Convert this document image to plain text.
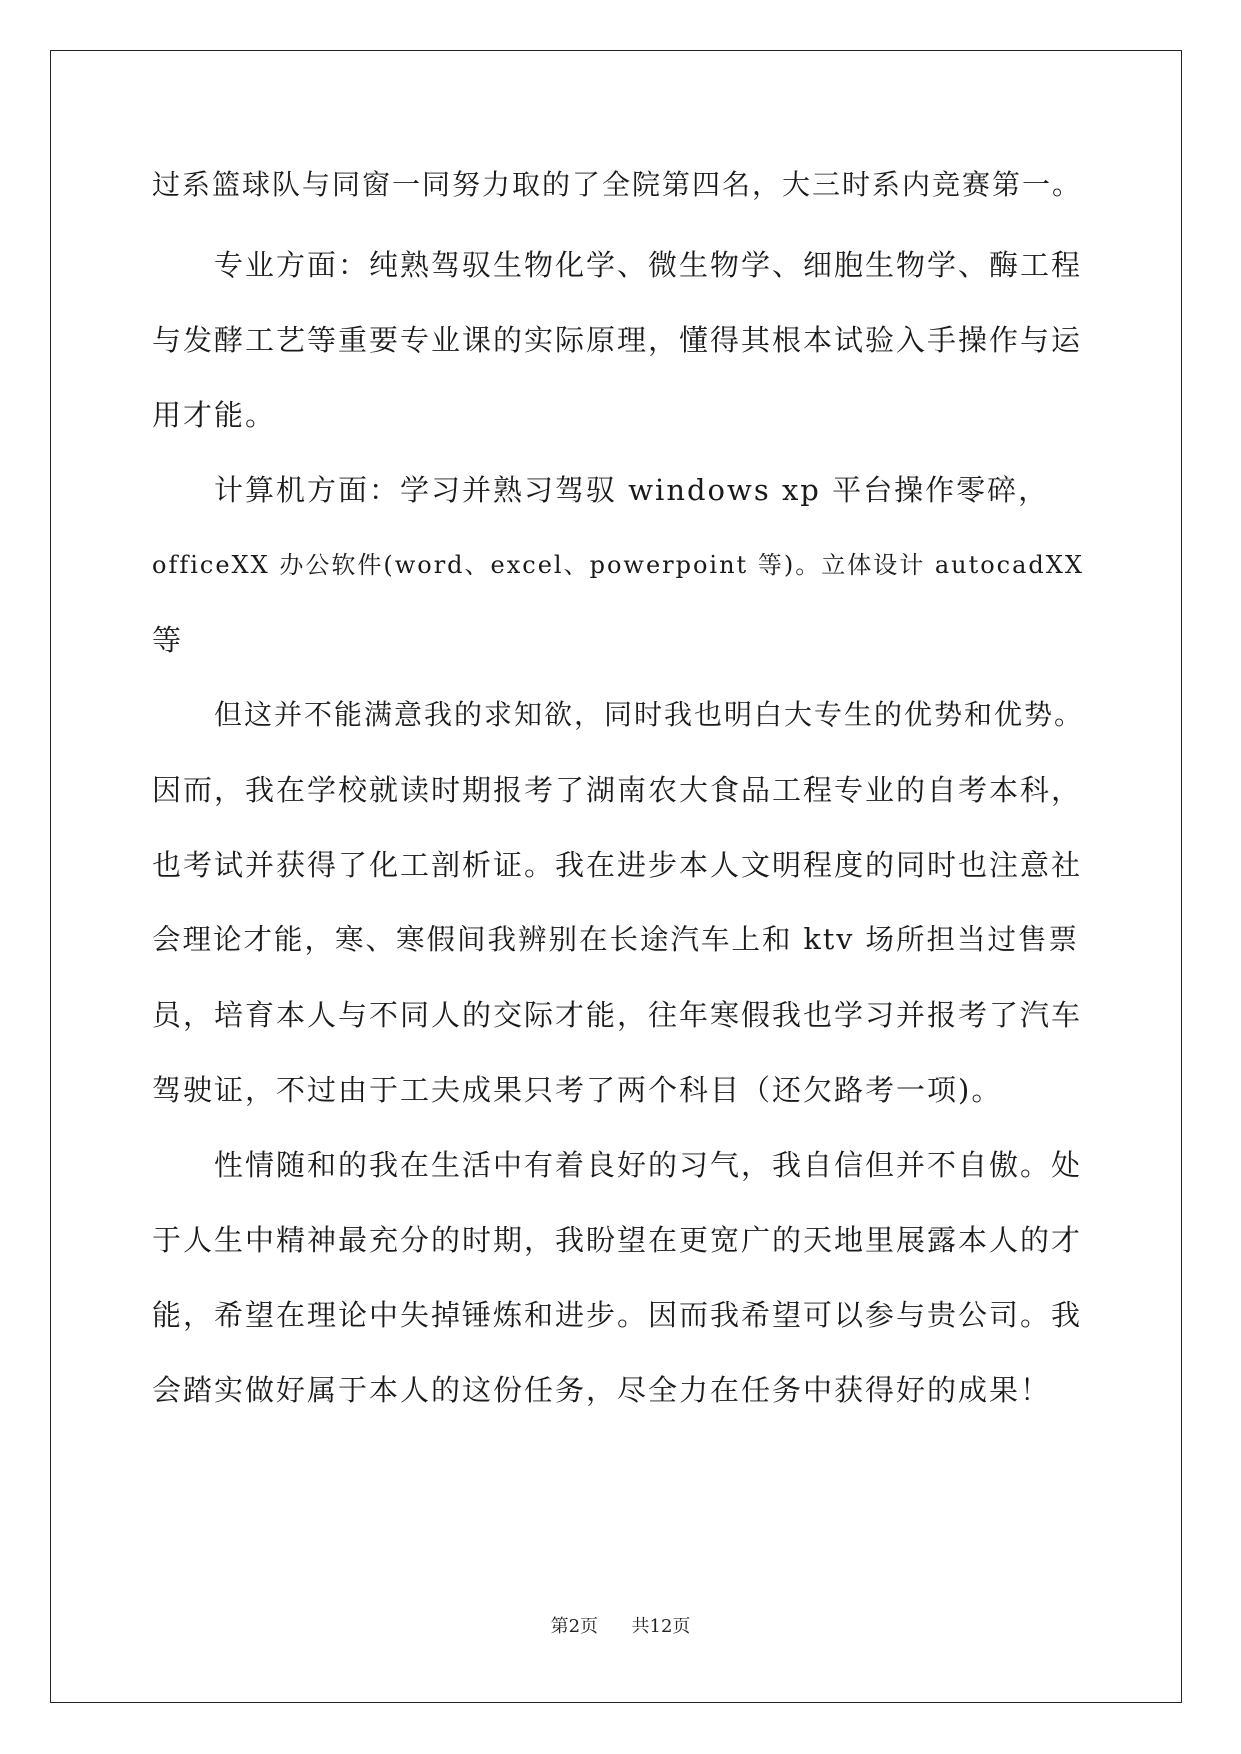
过系篮球队与同窗一同努力取的了全院第四名，大三时系内竞赛第一。
专业方面：纯熟驾驭生物化学、微生物学、细胞生物学、酶工程
与发酵工艺等重要专业课的实际原理，懂得其根本试验入手操作与运
用才能。
计算机方面：学习并熟习驾驭 windows xp 平台操作零碎，
officeXX 办公软件(word、excel、powerpoint 等)。立体设计 autocadXX
等
但这并不能满意我的求知欲，同时我也明白大专生的优势和优势。
因而，我在学校就读时期报考了湖南农大食品工程专业的自考本科，
也考试并获得了化工剖析证。我在进步本人文明程度的同时也注意社
会理论才能，寒、寒假间我辨别在长途汽车上和 ktv 场所担当过售票
员，培育本人与不同人的交际才能，往年寒假我也学习并报考了汽车
驾驶证，不过由于工夫成果只考了两个科目（还欠路考一项)。
性情随和的我在生活中有着良好的习气，我自信但并不自傲。处
于人生中精神最充分的时期，我盼望在更宽广的天地里展露本人的才
能，希望在理论中失掉锤炼和进步。因而我希望可以参与贵公司。我
会踏实做好属于本人的这份任务，尽全力在任务中获得好的成果！
第2页 共12页
